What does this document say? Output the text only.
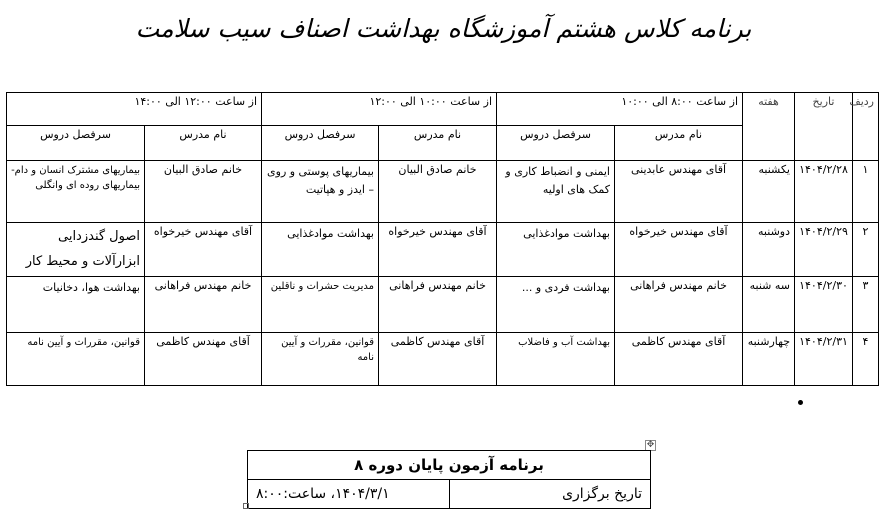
برنامه کلاس هشتم آموزشگاه بهداشت اصناف سیب سلامت
ردیف	تاریخ	هفته	از ساعت ۸:۰۰ الی ۱۰:۰۰		از ساعت ۱۰:۰۰ الی ۱۲:۰۰		از ساعت ۱۲:۰۰ الی ۱۴:۰۰	
			نام مدرس	سرفصل دروس	نام مدرس	سرفصل دروس	نام مدرس	سرفصل دروس
۱	۱۴۰۴/۲/۲۸	یکشنبه	آقای مهندس عابدینی	ایمنی و انضباط کاری و کمک های اولیه	خانم صادق البیان	بیماریهای پوستی و روی – ایدز و هپاتیت	خانم صادق البیان	بیماریهای مشترک انسان و دام- بیماریهای روده ای وانگلی
۲	۱۴۰۴/۲/۲۹	دوشنبه	آقای مهندس خیرخواه	بهداشت موادغذایی	آقای مهندس خیرخواه	بهداشت موادغذایی	آقای مهندس خیرخواه	اصول گندزدایی ابزارآلات و محیط کار
۳	۱۴۰۴/۲/۳۰	سه شنبه	خانم مهندس فراهانی	بهداشت فردی و ...	خانم مهندس فراهانی	مدیریت حشرات و ناقلین	خانم مهندس فراهانی	بهداشت هوا، دخانیات
۴	۱۴۰۴/۲/۳۱	چهارشنبه	آقای مهندس کاظمی	بهداشت آب و فاضلاب	آقای مهندس کاظمی	قوانین، مقررات و آیین نامه	آقای مهندس کاظمی	قوانین، مقررات و آیین نامه
✥
برنامه آزمون پایان دوره ۸
تاریخ برگزاری	۱۴۰۴/۳/۱، ساعت:۸:۰۰
